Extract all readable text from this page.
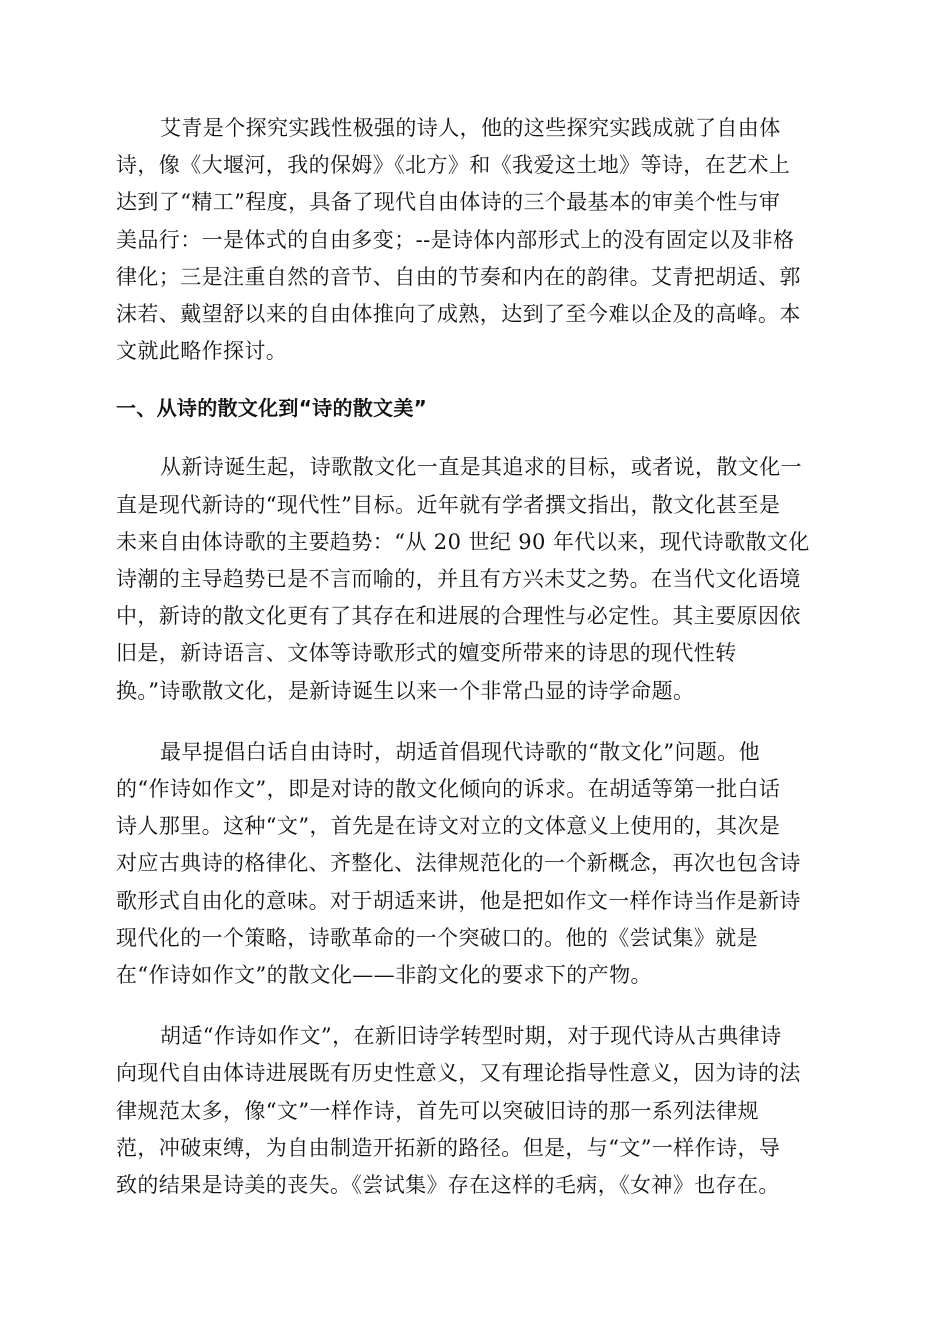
艾青是个探究实践性极强的诗人，他的这些探究实践成就了自由体
诗，像《大堰河，我的保姆》《北方》和《我爱这土地》等诗，在艺术上
达到了“精工”程度，具备了现代自由体诗的三个最基本的审美个性与审
美品行：一是体式的自由多变；--是诗体内部形式上的没有固定以及非格
律化；三是注重自然的音节、自由的节奏和内在的韵律。艾青把胡适、郭
沫若、戴望舒以来的自由体推向了成熟，达到了至今难以企及的高峰。本
文就此略作探讨。
一、从诗的散文化到“诗的散文美”
从新诗诞生起，诗歌散文化一直是其追求的目标，或者说，散文化一
直是现代新诗的“现代性”目标。近年就有学者撰文指出，散文化甚至是
未来自由体诗歌的主要趋势：“从 20 世纪 90 年代以来，现代诗歌散文化
诗潮的主导趋势已是不言而喻的，并且有方兴未艾之势。在当代文化语境
中，新诗的散文化更有了其存在和进展的合理性与必定性。其主要原因依
旧是，新诗语言、文体等诗歌形式的嬗变所带来的诗思的现代性转
换。”诗歌散文化，是新诗诞生以来一个非常凸显的诗学命题。
最早提倡白话自由诗时，胡适首倡现代诗歌的“散文化”问题。他
的“作诗如作文”，即是对诗的散文化倾向的诉求。在胡适等第一批白话
诗人那里。这种“文”，首先是在诗文对立的文体意义上使用的，其次是
对应古典诗的格律化、齐整化、法律规范化的一个新概念，再次也包含诗
歌形式自由化的意味。对于胡适来讲，他是把如作文一样作诗当作是新诗
现代化的一个策略，诗歌革命的一个突破口的。他的《尝试集》就是
在“作诗如作文”的散文化——非韵文化的要求下的产物。
胡适“作诗如作文”，在新旧诗学转型时期，对于现代诗从古典律诗
向现代自由体诗进展既有历史性意义，又有理论指导性意义，因为诗的法
律规范太多，像“文”一样作诗，首先可以突破旧诗的那一系列法律规
范，冲破束缚，为自由制造开拓新的路径。但是，与“文”一样作诗，导
致的结果是诗美的丧失。《尝试集》存在这样的毛病，《女神》也存在。
